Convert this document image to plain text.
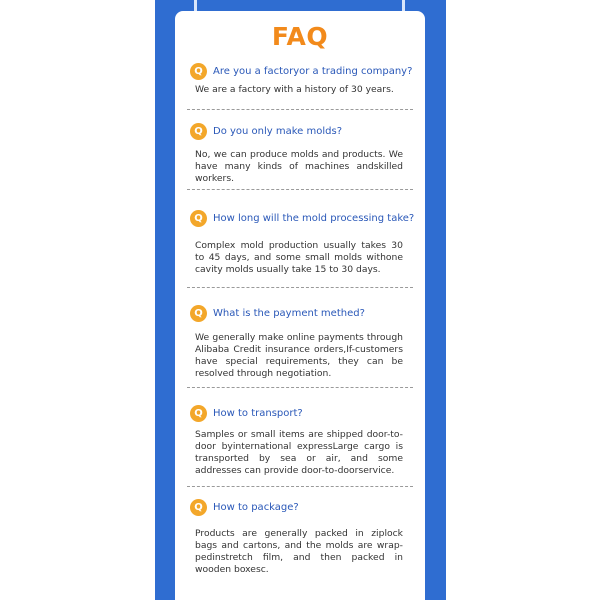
FAQ
Q	Are you a factoryor a trading company?
We are a factory with a history of 30 years.
Q	Do you only make molds?
No, we can produce molds and products. We have many kinds of machines andskilled workers.
Q	How long will the mold processing take?
Complex mold production usually takes 30 to 45 days, and some small molds withone cavity molds usually take 15 to 30 days.
Q	What is the payment methed?
We generally make online payments through Alibaba Credit insurance orders,If-customers have special requirements, they can be resolved through negotiation.
Q	How to transport?
Samples or small items are shipped door-to-door byinternational expressLarge cargo is transported by sea or air, and some addresses can provide door-to-doorservice.
Q	How to package?
Products are generally packed in ziplock bags and cartons, and the molds are wrap-pedinstretch film, and then packed in wooden boxesc.
